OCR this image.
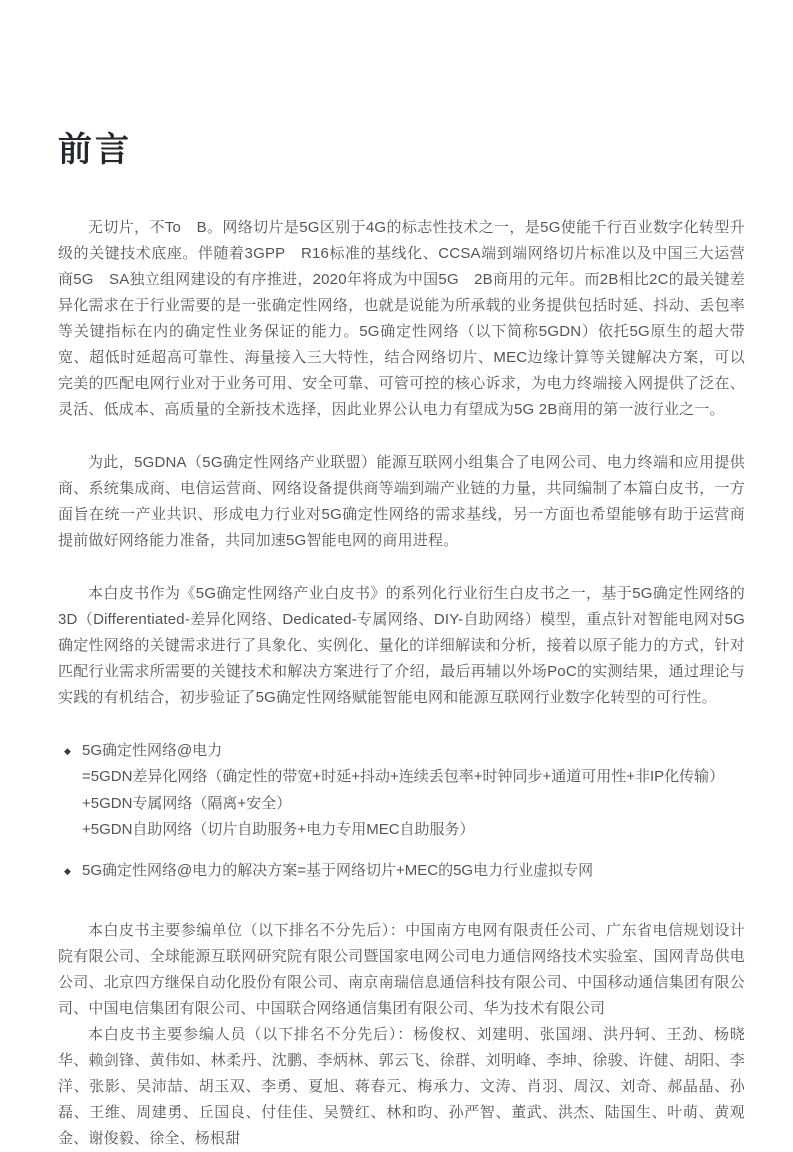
前言

无切片，不To　B。网络切片是5G区别于4G的标志性技术之一，是5G使能千行百业数字化转型升级的关键技术底座。伴随着3GPP　R16标准的基线化、CCSA端到端网络切片标准以及中国三大运营商5G　SA独立组网建设的有序推进，2020年将成为中国5G　2B商用的元年。而2B相比2C的最关键差异化需求在于行业需要的是一张确定性网络，也就是说能为所承载的业务提供包括时延、抖动、丢包率等关键指标在内的确定性业务保证的能力。5G确定性网络（以下简称5GDN）依托5G原生的超大带宽、超低时延超高可靠性、海量接入三大特性，结合网络切片、MEC边缘计算等关键解决方案，可以完美的匹配电网行业对于业务可用、安全可靠、可管可控的核心诉求，为电力终端接入网提供了泛在、灵活、低成本、高质量的全新技术选择，因此业界公认电力有望成为5G 2B商用的第一波行业之一。

为此，5GDNA（5G确定性网络产业联盟）能源互联网小组集合了电网公司、电力终端和应用提供商、系统集成商、电信运营商、网络设备提供商等端到端产业链的力量，共同编制了本篇白皮书，一方面旨在统一产业共识、形成电力行业对5G确定性网络的需求基线，另一方面也希望能够有助于运营商提前做好网络能力准备，共同加速5G智能电网的商用进程。

本白皮书作为《5G确定性网络产业白皮书》的系列化行业衍生白皮书之一，基于5G确定性网络的3D（Differentiated-差异化网络、Dedicated-专属网络、DIY-自助网络）模型，重点针对智能电网对5G确定性网络的关键需求进行了具象化、实例化、量化的详细解读和分析，接着以原子能力的方式，针对匹配行业需求所需要的关键技术和解决方案进行了介绍，最后再辅以外场PoC的实测结果，通过理论与实践的有机结合，初步验证了5G确定性网络赋能智能电网和能源互联网行业数字化转型的可行性。

◆ 5G确定性网络@电力
=5GDN差异化网络（确定性的带宽+时延+抖动+连续丢包率+时钟同步+通道可用性+非IP化传输）
+5GDN专属网络（隔离+安全）
+5GDN自助网络（切片自助服务+电力专用MEC自助服务）
◆ 5G确定性网络@电力的解决方案=基于网络切片+MEC的5G电力行业虚拟专网

本白皮书主要参编单位（以下排名不分先后）：中国南方电网有限责任公司、广东省电信规划设计院有限公司、全球能源互联网研究院有限公司暨国家电网公司电力通信网络技术实验室、国网青岛供电公司、北京四方继保自动化股份有限公司、南京南瑞信息通信科技有限公司、中国移动通信集团有限公司、中国电信集团有限公司、中国联合网络通信集团有限公司、华为技术有限公司

本白皮书主要参编人员（以下排名不分先后）：杨俊权、刘建明、张国翊、洪丹轲、王劲、杨晓华、赖剑锋、黄伟如、林柔丹、沈鹏、李炳林、郭云飞、徐群、刘明峰、李坤、徐骏、许健、胡阳、李洋、张影、吴沛喆、胡玉双、李勇、夏旭、蒋春元、梅承力、文涛、肖羽、周汉、刘奇、郝晶晶、孙磊、王维、周建勇、丘国良、付佳佳、吴赞红、林和昀、孙严智、董武、洪杰、陆国生、叶萌、黄观金、谢俊毅、徐全、杨根甜
